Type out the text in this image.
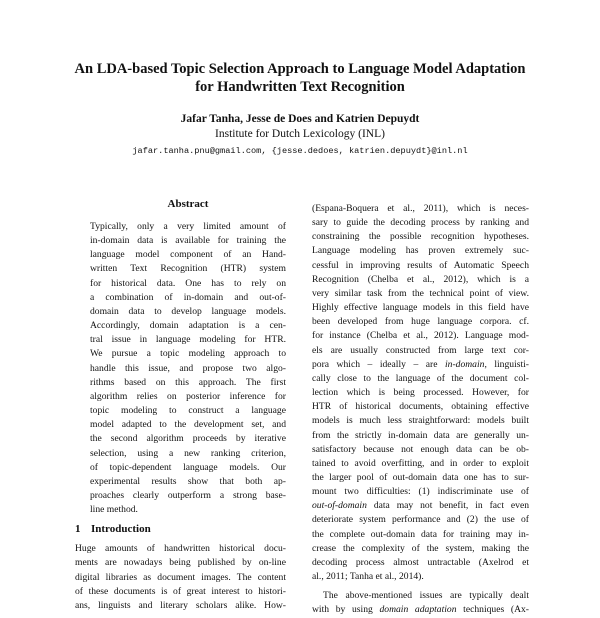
An LDA-based Topic Selection Approach to Language Model Adaptation
for Handwritten Text Recognition
Jafar Tanha, Jesse de Does and Katrien Depuydt
Institute for Dutch Lexicology (INL)
jafar.tanha.pnu@gmail.com, {jesse.dedoes, katrien.depuydt}@inl.nl
Abstract
Typically, only a very limited amount of
in-domain data is available for training the
language model component of an Hand-
written Text Recognition (HTR) system
for historical data. One has to rely on
a combination of in-domain and out-of-
domain data to develop language models.
Accordingly, domain adaptation is a cen-
tral issue in language modeling for HTR.
We pursue a topic modeling approach to
handle this issue, and propose two algo-
rithms based on this approach. The first
algorithm relies on posterior inference for
topic modeling to construct a language
model adapted to the development set, and
the second algorithm proceeds by iterative
selection, using a new ranking criterion,
of topic-dependent language models. Our
experimental results show that both ap-
proaches clearly outperform a strong base-
line method.
1 Introduction
Huge amounts of handwritten historical docu-
ments are nowadays being published by on-line
digital libraries as document images. The content
of these documents is of great interest to histori-
ans, linguists and literary scholars alike. How-
(Espana-Boquera et al., 2011), which is neces-
sary to guide the decoding process by ranking and
constraining the possible recognition hypotheses.
Language modeling has proven extremely suc-
cessful in improving results of Automatic Speech
Recognition (Chelba et al., 2012), which is a
very similar task from the technical point of view.
Highly effective language models in this field have
been developed from huge language corpora. cf.
for instance (Chelba et al., 2012). Language mod-
els are usually constructed from large text cor-
pora which – ideally – are in-domain, linguisti-
cally close to the language of the document col-
lection which is being processed. However, for
HTR of historical documents, obtaining effective
models is much less straightforward: models built
from the strictly in-domain data are generally un-
satisfactory because not enough data can be ob-
tained to avoid overfitting, and in order to exploit
the larger pool of out-domain data one has to sur-
mount two difficulties: (1) indiscriminate use of
out-of-domain data may not benefit, in fact even
deteriorate system performance and (2) the use of
the complete out-domain data for training may in-
crease the complexity of the system, making the
decoding process almost untractable (Axelrod et
al., 2011; Tanha et al., 2014).
The above-mentioned issues are typically dealt
with by using domain adaptation techniques (Ax-
